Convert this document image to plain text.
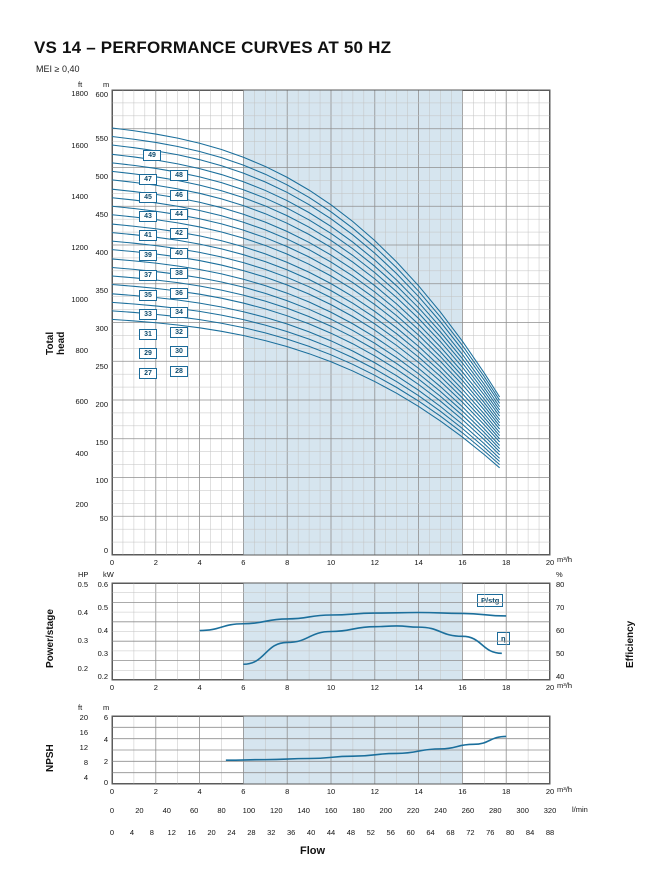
VS 14 – PERFORMANCE CURVES AT 50 HZ
MEI ≥ 0,40
ft	m
1800
1600
1400
1200
1000
800
600
400
200
600
550
500
450
400
350
300
250
200
150
100
50
0
Total head
0	2	4	6	8	10	12	14	16	18	20 m³/h
HP kW	%
0.5
0.4
0.3
0.2
0.6
0.5
0.4
0.3
0.2
80
70
60
50
40
Power/stage	Efficiency
0	2	4	6	8	10	12	14	16	18	20 m³/h
P/stg
η
ft	m
20
16
12
8
4
6
4
2
0
NPSH
0	2	4	6	8	10	12	14	16	18	20 m³/h
0	20	40	60	80 100 120 140 160 180 200 220 240 260 280 300 320 l/min
0 4 8 12 16 20 24 28 32 36 40 44 48 52 56 60 64 68 72 76 80 84 88
Flow
49
47
48
45	46
43	44
41	42
39	40
37	38
35	36
33	34
31	32
29	30
27	28
